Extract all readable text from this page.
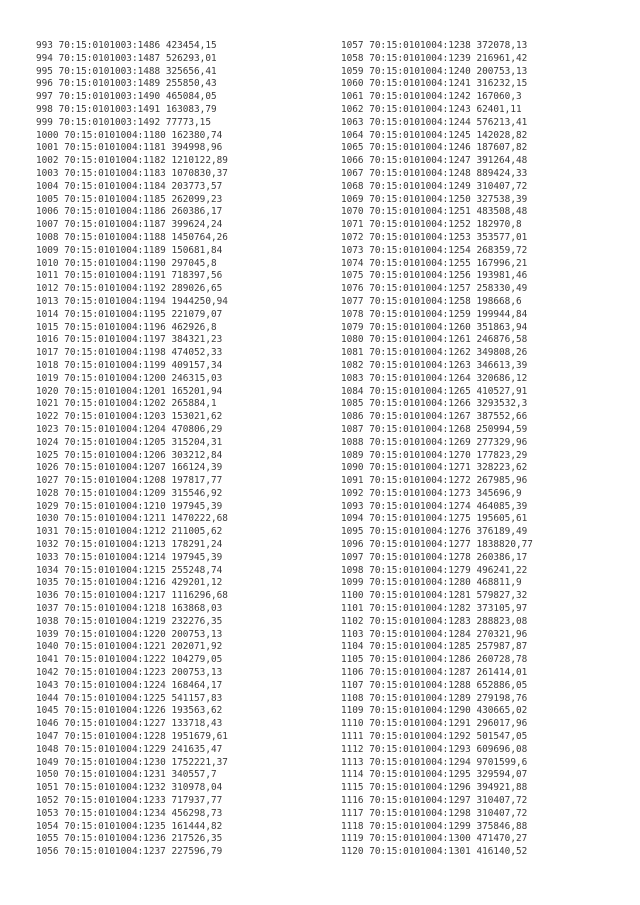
993 70:15:0101003:1486 423454,15
994 70:15:0101003:1487 526293,01
995 70:15:0101003:1488 325656,41
996 70:15:0101003:1489 255850,43
997 70:15:0101003:1490 465084,05
998 70:15:0101003:1491 163083,79
999 70:15:0101003:1492 77773,15
1000 70:15:0101004:1180 162380,74
1001 70:15:0101004:1181 394998,96
1002 70:15:0101004:1182 1210122,89
1003 70:15:0101004:1183 1070830,37
1004 70:15:0101004:1184 203773,57
1005 70:15:0101004:1185 262099,23
1006 70:15:0101004:1186 260386,17
1007 70:15:0101004:1187 399624,24
1008 70:15:0101004:1188 1450764,26
1009 70:15:0101004:1189 150681,84
1010 70:15:0101004:1190 297045,8
1011 70:15:0101004:1191 718397,56
1012 70:15:0101004:1192 289026,65
1013 70:15:0101004:1194 1944250,94
1014 70:15:0101004:1195 221079,07
1015 70:15:0101004:1196 462926,8
1016 70:15:0101004:1197 384321,23
1017 70:15:0101004:1198 474052,33
1018 70:15:0101004:1199 409157,34
1019 70:15:0101004:1200 246315,03
1020 70:15:0101004:1201 165201,94
1021 70:15:0101004:1202 265884,1
1022 70:15:0101004:1203 153021,62
1023 70:15:0101004:1204 470806,29
1024 70:15:0101004:1205 315204,31
1025 70:15:0101004:1206 303212,84
1026 70:15:0101004:1207 166124,39
1027 70:15:0101004:1208 197817,77
1028 70:15:0101004:1209 315546,92
1029 70:15:0101004:1210 197945,39
1030 70:15:0101004:1211 1470222,68
1031 70:15:0101004:1212 211005,62
1032 70:15:0101004:1213 178291,24
1033 70:15:0101004:1214 197945,39
1034 70:15:0101004:1215 255248,74
1035 70:15:0101004:1216 429201,12
1036 70:15:0101004:1217 1116296,68
1037 70:15:0101004:1218 163868,03
1038 70:15:0101004:1219 232276,35
1039 70:15:0101004:1220 200753,13
1040 70:15:0101004:1221 202071,92
1041 70:15:0101004:1222 104279,05
1042 70:15:0101004:1223 200753,13
1043 70:15:0101004:1224 168464,17
1044 70:15:0101004:1225 541157,83
1045 70:15:0101004:1226 193563,62
1046 70:15:0101004:1227 133718,43
1047 70:15:0101004:1228 1951679,61
1048 70:15:0101004:1229 241635,47
1049 70:15:0101004:1230 1752221,37
1050 70:15:0101004:1231 340557,7
1051 70:15:0101004:1232 310978,04
1052 70:15:0101004:1233 717937,77
1053 70:15:0101004:1234 456298,73
1054 70:15:0101004:1235 161444,82
1055 70:15:0101004:1236 217526,35
1056 70:15:0101004:1237 227596,79
1057 70:15:0101004:1238 372078,13
1058 70:15:0101004:1239 216961,42
1059 70:15:0101004:1240 200753,13
1060 70:15:0101004:1241 316232,15
1061 70:15:0101004:1242 167060,3
1062 70:15:0101004:1243 62401,11
1063 70:15:0101004:1244 576213,41
1064 70:15:0101004:1245 142028,82
1065 70:15:0101004:1246 187607,82
1066 70:15:0101004:1247 391264,48
1067 70:15:0101004:1248 889424,33
1068 70:15:0101004:1249 310407,72
1069 70:15:0101004:1250 327538,39
1070 70:15:0101004:1251 483508,48
1071 70:15:0101004:1252 182970,8
1072 70:15:0101004:1253 353577,01
1073 70:15:0101004:1254 268359,72
1074 70:15:0101004:1255 167996,21
1075 70:15:0101004:1256 193981,46
1076 70:15:0101004:1257 258330,49
1077 70:15:0101004:1258 198668,6
1078 70:15:0101004:1259 199944,84
1079 70:15:0101004:1260 351863,94
1080 70:15:0101004:1261 246876,58
1081 70:15:0101004:1262 349808,26
1082 70:15:0101004:1263 346613,39
1083 70:15:0101004:1264 320686,12
1084 70:15:0101004:1265 410527,91
1085 70:15:0101004:1266 3293532,3
1086 70:15:0101004:1267 387552,66
1087 70:15:0101004:1268 250994,59
1088 70:15:0101004:1269 277329,96
1089 70:15:0101004:1270 177823,29
1090 70:15:0101004:1271 328223,62
1091 70:15:0101004:1272 267985,96
1092 70:15:0101004:1273 345696,9
1093 70:15:0101004:1274 464085,39
1094 70:15:0101004:1275 195605,61
1095 70:15:0101004:1276 376189,49
1096 70:15:0101004:1277 1838820,77
1097 70:15:0101004:1278 260386,17
1098 70:15:0101004:1279 496241,22
1099 70:15:0101004:1280 468811,9
1100 70:15:0101004:1281 579827,32
1101 70:15:0101004:1282 373105,97
1102 70:15:0101004:1283 288823,08
1103 70:15:0101004:1284 270321,96
1104 70:15:0101004:1285 257987,87
1105 70:15:0101004:1286 260728,78
1106 70:15:0101004:1287 261414,01
1107 70:15:0101004:1288 652886,05
1108 70:15:0101004:1289 279198,76
1109 70:15:0101004:1290 430665,02
1110 70:15:0101004:1291 296017,96
1111 70:15:0101004:1292 501547,05
1112 70:15:0101004:1293 609696,08
1113 70:15:0101004:1294 9701599,6
1114 70:15:0101004:1295 329594,07
1115 70:15:0101004:1296 394921,88
1116 70:15:0101004:1297 310407,72
1117 70:15:0101004:1298 310407,72
1118 70:15:0101004:1299 375846,88
1119 70:15:0101004:1300 471470,27
1120 70:15:0101004:1301 416140,52
